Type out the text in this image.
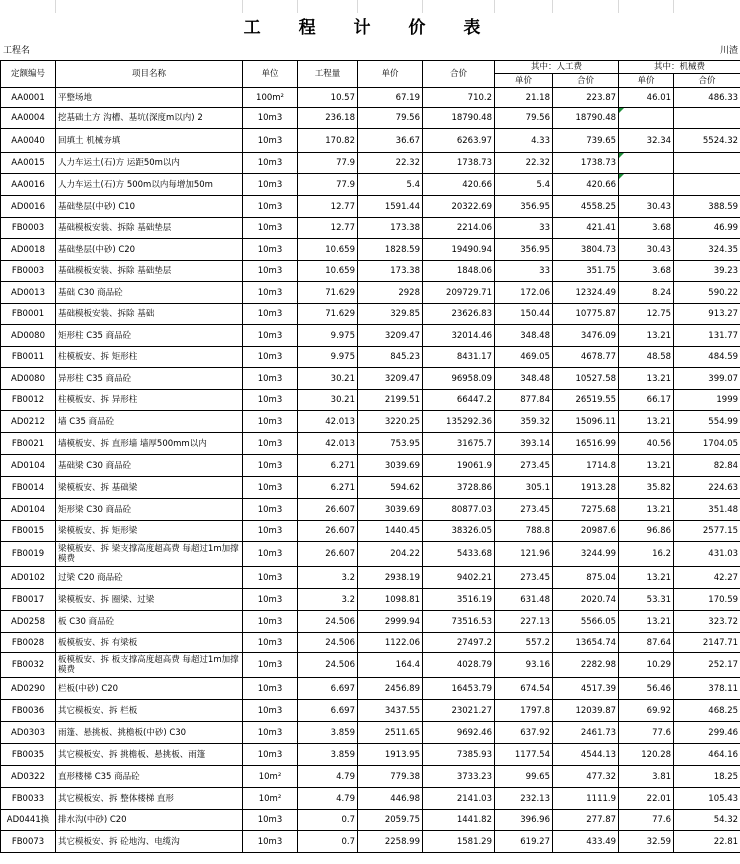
工 程 计 价 表
工程名	川渣
定额编号	项目名称	单位	工程量	单价	合价	其中：人工费		其中：机械费	
						单价	合价	单价	合价
AA0001	平整场地	100m²	10.57	67.19	710.2	21.18	223.87	46.01	486.33
AA0004	挖基础土方 沟槽、基坑(深度m以内) 2	10m3	236.18	79.56	18790.48	79.56	18790.48		
AA0040	回填土 机械夯填	10m3	170.82	36.67	6263.97	4.33	739.65	32.34	5524.32
AA0015	人力车运土(石)方 运距50m以内	10m3	77.9	22.32	1738.73	22.32	1738.73		
AA0016	人力车运土(石)方 500m以内每增加50m	10m3	77.9	5.4	420.66	5.4	420.66		
AD0016	基础垫层(中砂) C10	10m3	12.77	1591.44	20322.69	356.95	4558.25	30.43	388.59
FB0003	基础模板安装、拆除 基础垫层	10m3	12.77	173.38	2214.06	33	421.41	3.68	46.99
AD0018	基础垫层(中砂) C20	10m3	10.659	1828.59	19490.94	356.95	3804.73	30.43	324.35
FB0003	基础模板安装、拆除 基础垫层	10m3	10.659	173.38	1848.06	33	351.75	3.68	39.23
AD0013	基础 C30 商品砼	10m3	71.629	2928	209729.71	172.06	12324.49	8.24	590.22
FB0001	基础模板安装、拆除 基础	10m3	71.629	329.85	23626.83	150.44	10775.87	12.75	913.27
AD0080	矩形柱 C35 商品砼	10m3	9.975	3209.47	32014.46	348.48	3476.09	13.21	131.77
FB0011	柱模板安、拆 矩形柱	10m3	9.975	845.23	8431.17	469.05	4678.77	48.58	484.59
AD0080	异形柱 C35 商品砼	10m3	30.21	3209.47	96958.09	348.48	10527.58	13.21	399.07
FB0012	柱模板安、拆 异形柱	10m3	30.21	2199.51	66447.2	877.84	26519.55	66.17	1999
AD0212	墙 C35 商品砼	10m3	42.013	3220.25	135292.36	359.32	15096.11	13.21	554.99
FB0021	墙模板安、拆 直形墙 墙厚500mm以内	10m3	42.013	753.95	31675.7	393.14	16516.99	40.56	1704.05
AD0104	基础梁 C30 商品砼	10m3	6.271	3039.69	19061.9	273.45	1714.8	13.21	82.84
FB0014	梁模板安、拆 基础梁	10m3	6.271	594.62	3728.86	305.1	1913.28	35.82	224.63
AD0104	矩形梁 C30 商品砼	10m3	26.607	3039.69	80877.03	273.45	7275.68	13.21	351.48
FB0015	梁模板安、拆 矩形梁	10m3	26.607	1440.45	38326.05	788.8	20987.6	96.86	2577.15
FB0019	梁模板安、拆 梁支撑高度超高费 每超过1m加撑模费	10m3	26.607	204.22	5433.68	121.96	3244.99	16.2	431.03
AD0102	过梁 C20 商品砼	10m3	3.2	2938.19	9402.21	273.45	875.04	13.21	42.27
FB0017	梁模板安、拆 圈梁、过梁	10m3	3.2	1098.81	3516.19	631.48	2020.74	53.31	170.59
AD0258	板 C30 商品砼	10m3	24.506	2999.94	73516.53	227.13	5566.05	13.21	323.72
FB0028	板模板安、拆 有梁板	10m3	24.506	1122.06	27497.2	557.2	13654.74	87.64	2147.71
FB0032	板模板安、拆 板支撑高度超高费 每超过1m加撑模费	10m3	24.506	164.4	4028.79	93.16	2282.98	10.29	252.17
AD0290	栏板(中砂) C20	10m3	6.697	2456.89	16453.79	674.54	4517.39	56.46	378.11
FB0036	其它模板安、拆 栏板	10m3	6.697	3437.55	23021.27	1797.8	12039.87	69.92	468.25
AD0303	雨篷、悬挑板、挑檐板(中砂) C30	10m3	3.859	2511.65	9692.46	637.92	2461.73	77.6	299.46
FB0035	其它模板安、拆 挑檐板、悬挑板、雨篷	10m3	3.859	1913.95	7385.93	1177.54	4544.13	120.28	464.16
AD0322	直形楼梯 C35 商品砼	10m²	4.79	779.38	3733.23	99.65	477.32	3.81	18.25
FB0033	其它模板安、拆 整体楼梯 直形	10m²	4.79	446.98	2141.03	232.13	1111.9	22.01	105.43
AD0441换	排水沟(中砂) C20	10m3	0.7	2059.75	1441.82	396.96	277.87	77.6	54.32
FB0073	其它模板安、拆 砼地沟、电缆沟	10m3	0.7	2258.99	1581.29	619.27	433.49	32.59	22.81
